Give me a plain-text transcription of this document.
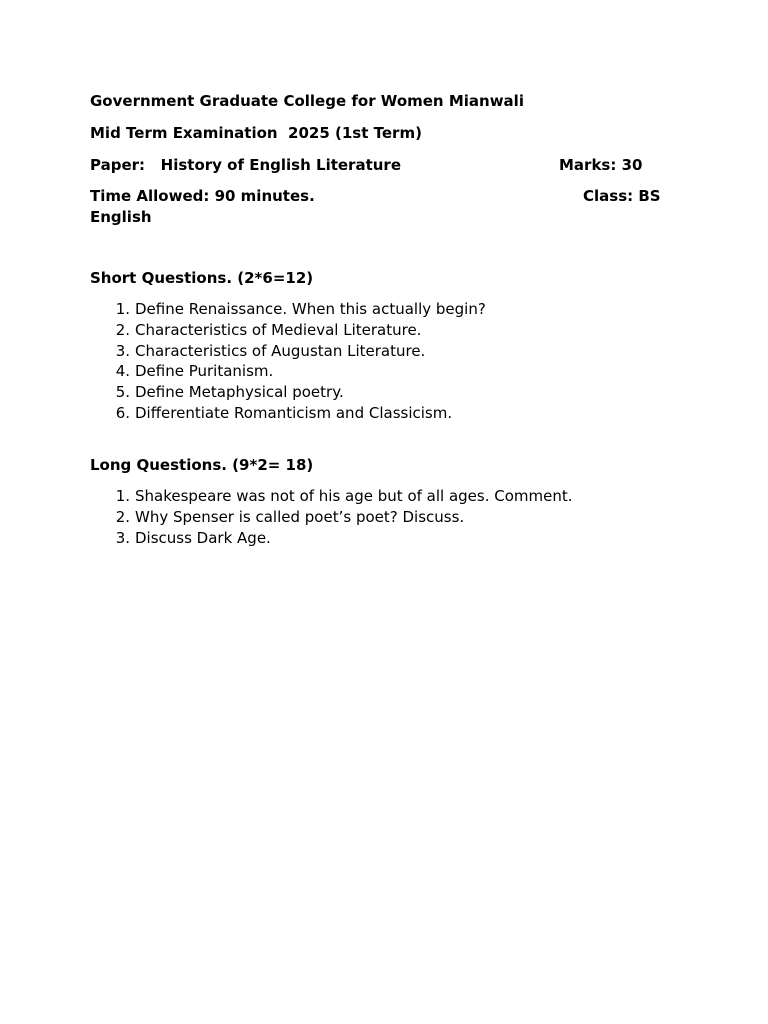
Government Graduate College for Women Mianwali
Mid Term Examination  2025 (1st Term)
Paper:   History of English Literature	Marks: 30
Time Allowed: 90 minutes.	Class: BS
English
Short Questions. (2*6=12)
1. Define Renaissance. When this actually begin?
2. Characteristics of Medieval Literature.
3. Characteristics of Augustan Literature.
4. Define Puritanism.
5. Define Metaphysical poetry.
6. Differentiate Romanticism and Classicism.
Long Questions. (9*2= 18)
1. Shakespeare was not of his age but of all ages. Comment.
2. Why Spenser is called poet’s poet? Discuss.
3. Discuss Dark Age.
